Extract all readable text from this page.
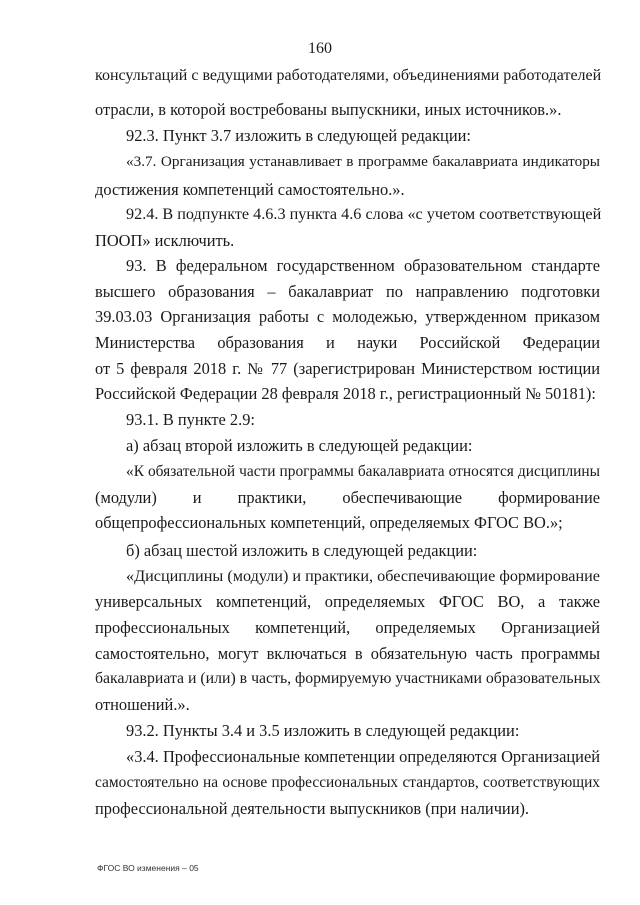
160
консультаций с ведущими работодателями, объединениями работодателей
отрасли, в которой востребованы выпускники, иных источников.».
92.3. Пункт 3.7 изложить в следующей редакции:
«3.7. Организация устанавливает в программе бакалавриата индикаторы
достижения компетенций самостоятельно.».
92.4. В подпункте 4.6.3 пункта 4.6 слова «с учетом соответствующей
ПООП» исключить.
93. В федеральном государственном образовательном стандарте
высшего образования – бакалавриат по направлению подготовки
39.03.03 Организация работы с молодежью, утвержденном приказом
Министерства образования и науки Российской Федерации
от 5 февраля 2018 г. № 77 (зарегистрирован Министерством юстиции
Российской Федерации 28 февраля 2018 г., регистрационный № 50181):
93.1. В пункте 2.9:
а) абзац второй изложить в следующей редакции:
«К обязательной части программы бакалавриата относятся дисциплины
(модули) и практики, обеспечивающие формирование
общепрофессиональных компетенций, определяемых ФГОС ВО.»;
б) абзац шестой изложить в следующей редакции:
«Дисциплины (модули) и практики, обеспечивающие формирование
универсальных компетенций, определяемых ФГОС ВО, а также
профессиональных компетенций, определяемых Организацией
самостоятельно, могут включаться в обязательную часть программы
бакалавриата и (или) в часть, формируемую участниками образовательных
отношений.».
93.2. Пункты 3.4 и 3.5 изложить в следующей редакции:
«3.4. Профессиональные компетенции определяются Организацией
самостоятельно на основе профессиональных стандартов, соответствующих
профессиональной деятельности выпускников (при наличии).
ФГОС ВО изменения – 05
